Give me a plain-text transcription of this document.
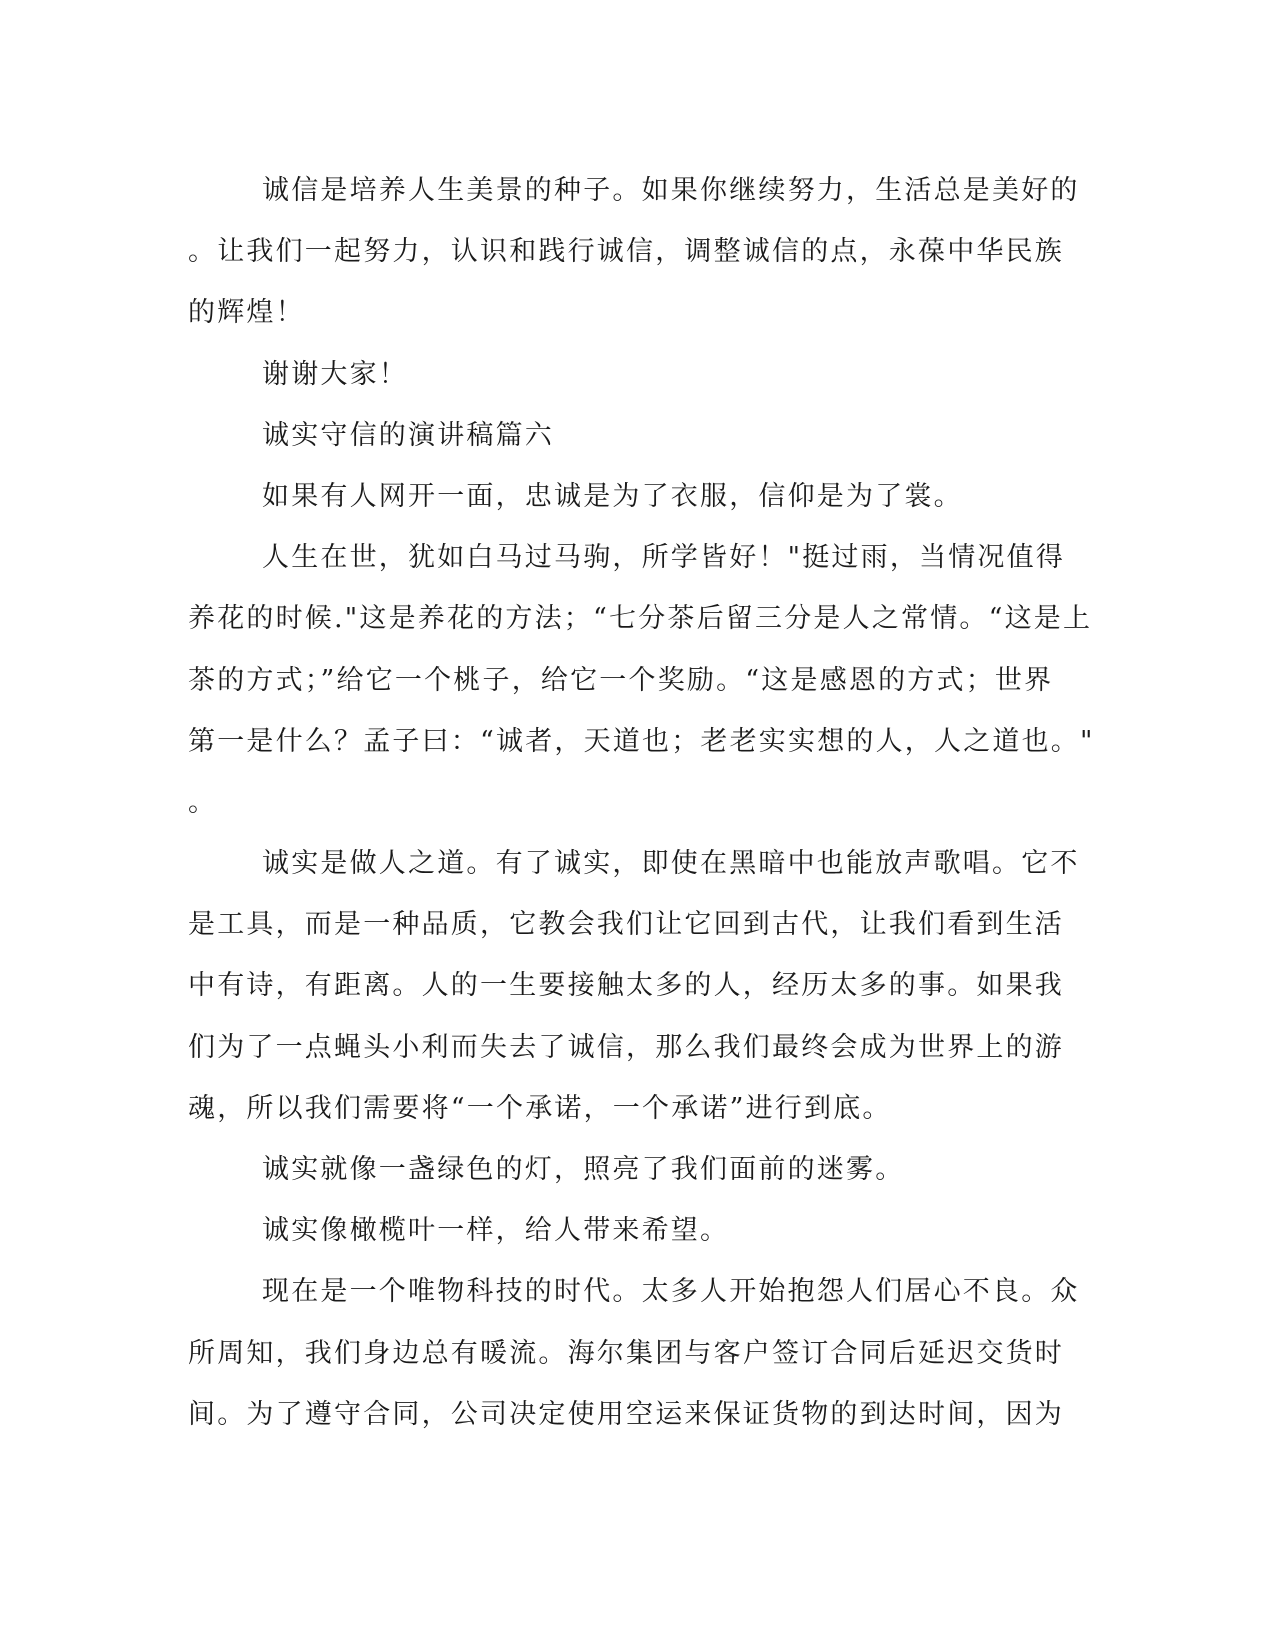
诚信是培养人生美景的种子。如果你继续努力，生活总是美好的
。让我们一起努力，认识和践行诚信，调整诚信的点，永葆中华民族
的辉煌！
谢谢大家！
诚实守信的演讲稿篇六
如果有人网开一面，忠诚是为了衣服，信仰是为了裳。
人生在世，犹如白马过马驹，所学皆好！"挺过雨，当情况值得
养花的时候."这是养花的方法；“七分茶后留三分是人之常情。“这是上
茶的方式；”给它一个桃子，给它一个奖励。“这是感恩的方式；世界
第一是什么？孟子曰：“诚者，天道也；老老实实想的人，人之道也。"
。
诚实是做人之道。有了诚实，即使在黑暗中也能放声歌唱。它不
是工具，而是一种品质，它教会我们让它回到古代，让我们看到生活
中有诗，有距离。人的一生要接触太多的人，经历太多的事。如果我
们为了一点蝇头小利而失去了诚信，那么我们最终会成为世界上的游
魂，所以我们需要将“一个承诺，一个承诺”进行到底。
诚实就像一盏绿色的灯，照亮了我们面前的迷雾。
诚实像橄榄叶一样，给人带来希望。
现在是一个唯物科技的时代。太多人开始抱怨人们居心不良。众
所周知，我们身边总有暖流。海尔集团与客户签订合同后延迟交货时
间。为了遵守合同，公司决定使用空运来保证货物的到达时间，因为
